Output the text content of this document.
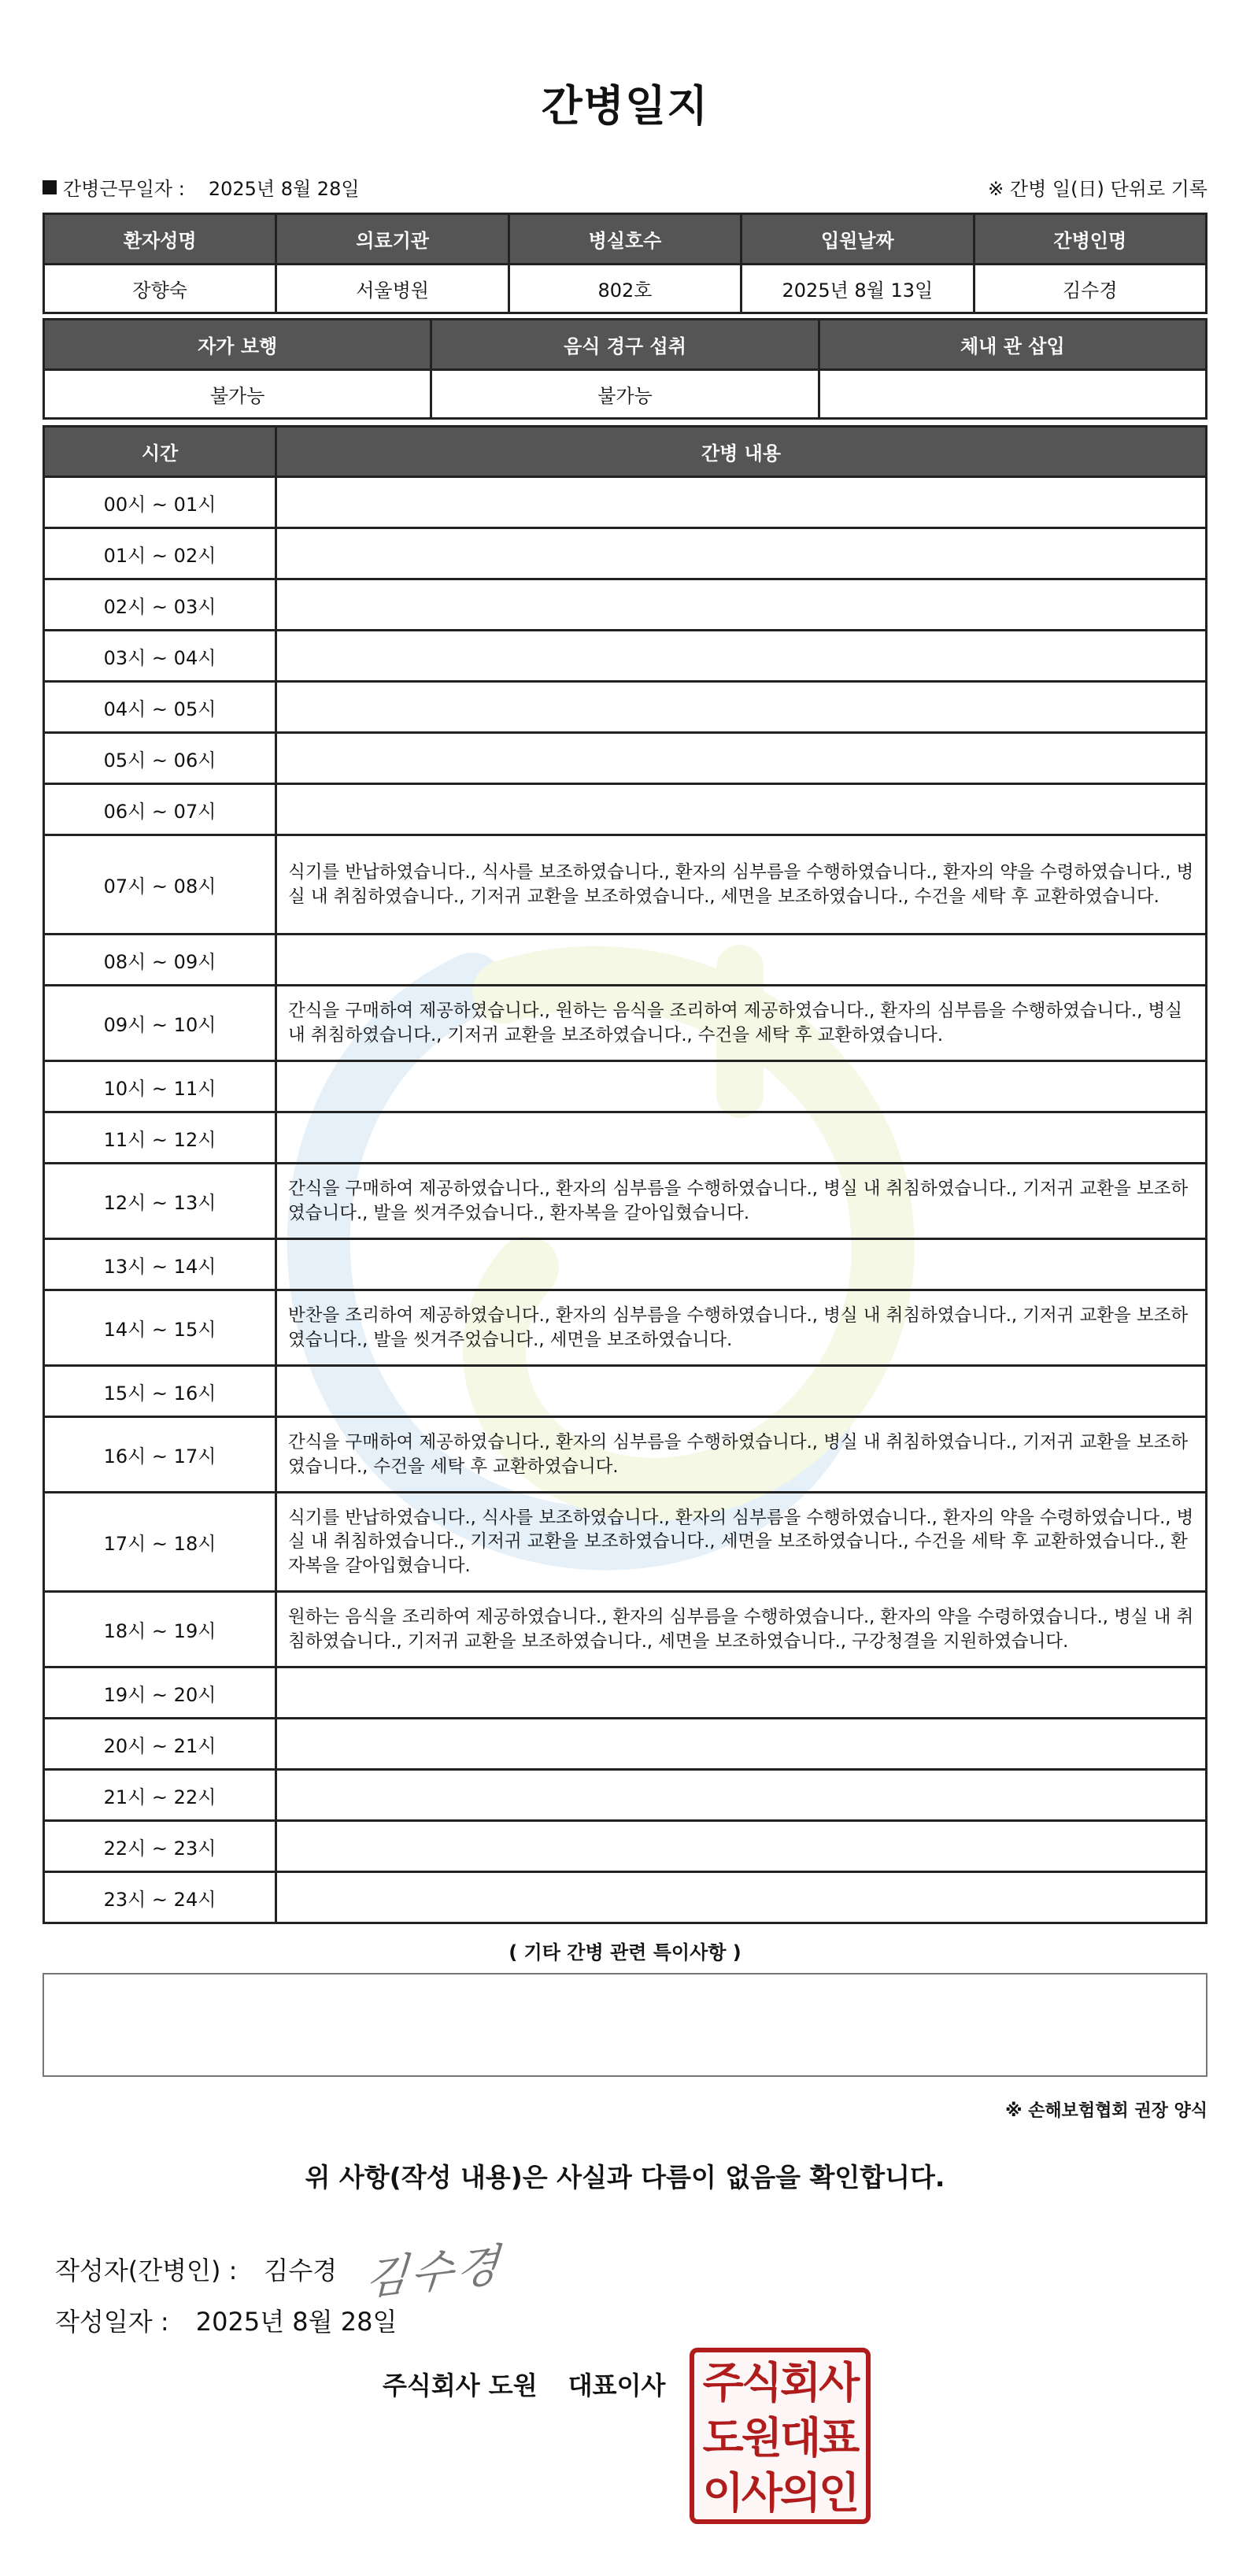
간병일지
간병근무일자 : 2025년 8월 28일	※ 간병 일(日) 단위로 기록
환자성명	의료기관	병실호수	입원날짜	간병인명
장향숙	서울병원	802호	2025년 8월 13일	김수경
자가 보행	음식 경구 섭취	체내 관 삽입
불가능	불가능	
시간	간병 내용
00시 ~ 01시	
01시 ~ 02시	
02시 ~ 03시	
03시 ~ 04시	
04시 ~ 05시	
05시 ~ 06시	
06시 ~ 07시	
07시 ~ 08시	식기를 반납하였습니다., 식사를 보조하였습니다., 환자의 심부름을 수행하였습니다., 환자의 약을 수령하였습니다., 병실 내 취침하였습니다., 기저귀 교환을 보조하였습니다., 세면을 보조하였습니다., 수건을 세탁 후 교환하였습니다.
08시 ~ 09시	
09시 ~ 10시	간식을 구매하여 제공하였습니다., 원하는 음식을 조리하여 제공하였습니다., 환자의 심부름을 수행하였습니다., 병실 내 취침하였습니다., 기저귀 교환을 보조하였습니다., 수건을 세탁 후 교환하였습니다.
10시 ~ 11시	
11시 ~ 12시	
12시 ~ 13시	간식을 구매하여 제공하였습니다., 환자의 심부름을 수행하였습니다., 병실 내 취침하였습니다., 기저귀 교환을 보조하였습니다., 발을 씻겨주었습니다., 환자복을 갈아입혔습니다.
13시 ~ 14시	
14시 ~ 15시	반찬을 조리하여 제공하였습니다., 환자의 심부름을 수행하였습니다., 병실 내 취침하였습니다., 기저귀 교환을 보조하였습니다., 발을 씻겨주었습니다., 세면을 보조하였습니다.
15시 ~ 16시	
16시 ~ 17시	간식을 구매하여 제공하였습니다., 환자의 심부름을 수행하였습니다., 병실 내 취침하였습니다., 기저귀 교환을 보조하였습니다., 수건을 세탁 후 교환하였습니다.
17시 ~ 18시	식기를 반납하였습니다., 식사를 보조하였습니다., 환자의 심부름을 수행하였습니다., 환자의 약을 수령하였습니다., 병실 내 취침하였습니다., 기저귀 교환을 보조하였습니다., 세면을 보조하였습니다., 수건을 세탁 후 교환하였습니다., 환자복을 갈아입혔습니다.
18시 ~ 19시	원하는 음식을 조리하여 제공하였습니다., 환자의 심부름을 수행하였습니다., 환자의 약을 수령하였습니다., 병실 내 취침하였습니다., 기저귀 교환을 보조하였습니다., 세면을 보조하였습니다., 구강청결을 지원하였습니다.
19시 ~ 20시	
20시 ~ 21시	
21시 ~ 22시	
22시 ~ 23시	
23시 ~ 24시	
( 기타 간병 관련 특이사항 )
※ 손해보험협회 권장 양식
위 사항(작성 내용)은 사실과 다름이 없음을 확인합니다.
작성자(간병인) : 김수경 김수경
작성일자 : 2025년 8월 28일
주식회사 도원 대표이사 주식회사
도원대표
이사의인
